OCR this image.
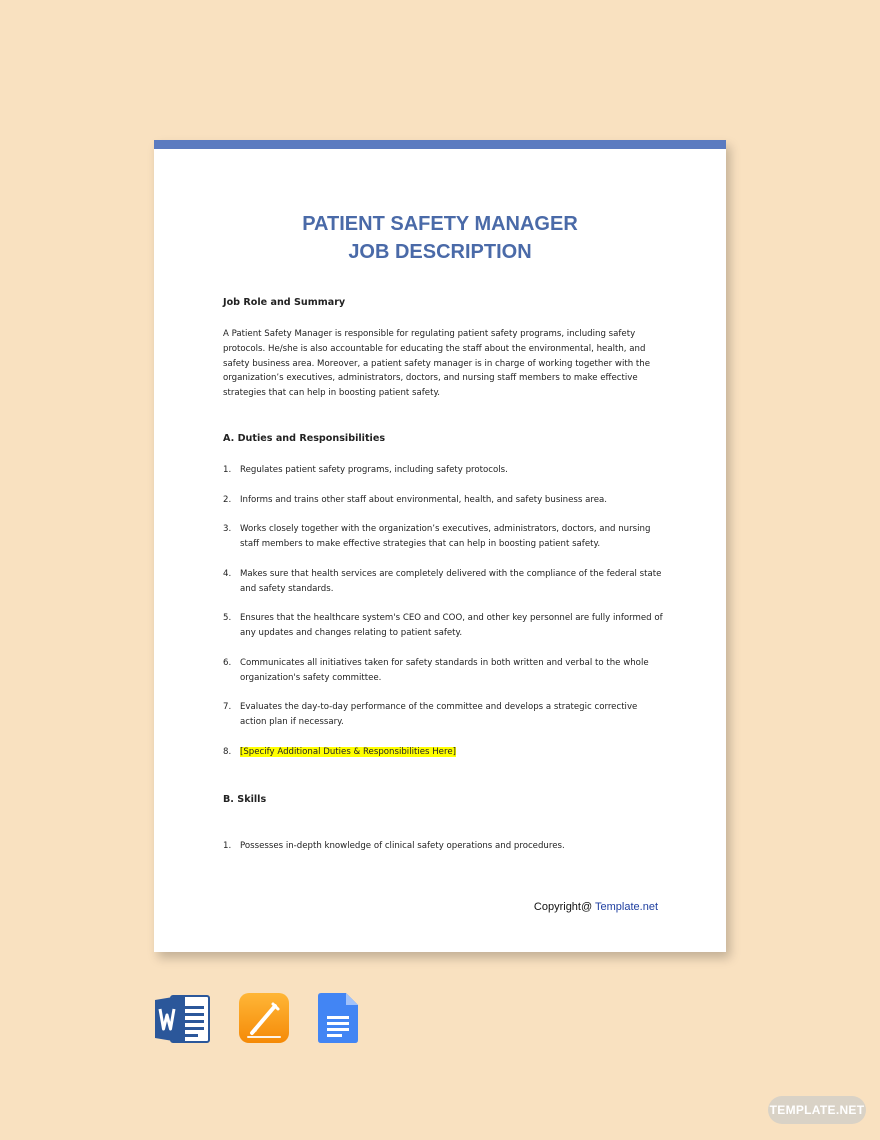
PATIENT SAFETY MANAGER
JOB DESCRIPTION
Job Role and Summary
A Patient Safety Manager is responsible for regulating patient safety programs, including safety protocols. He/she is also accountable for educating the staff about the environmental, health, and safety business area. Moreover, a patient safety manager is in charge of working together with the organization’s executives, administrators, doctors, and nursing staff members to make effective strategies that can help in boosting patient safety.
A. Duties and Responsibilities
1. Regulates patient safety programs, including safety protocols.
2. Informs and trains other staff about environmental, health, and safety business area.
3. Works closely together with the organization’s executives, administrators, doctors, and nursing staff members to make effective strategies that can help in boosting patient safety.
4. Makes sure that health services are completely delivered with the compliance of the federal state and safety standards.
5. Ensures that the healthcare system's CEO and COO, and other key personnel are fully informed of any updates and changes relating to patient safety.
6. Communicates all initiatives taken for safety standards in both written and verbal to the whole organization's safety committee.
7. Evaluates the day-to-day performance of the committee and develops a strategic corrective action plan if necessary.
8. [Specify Additional Duties & Responsibilities Here]
B. Skills
1. Possesses in-depth knowledge of clinical safety operations and procedures.
Copyright@ Template.net
TEMPLATE.NET
